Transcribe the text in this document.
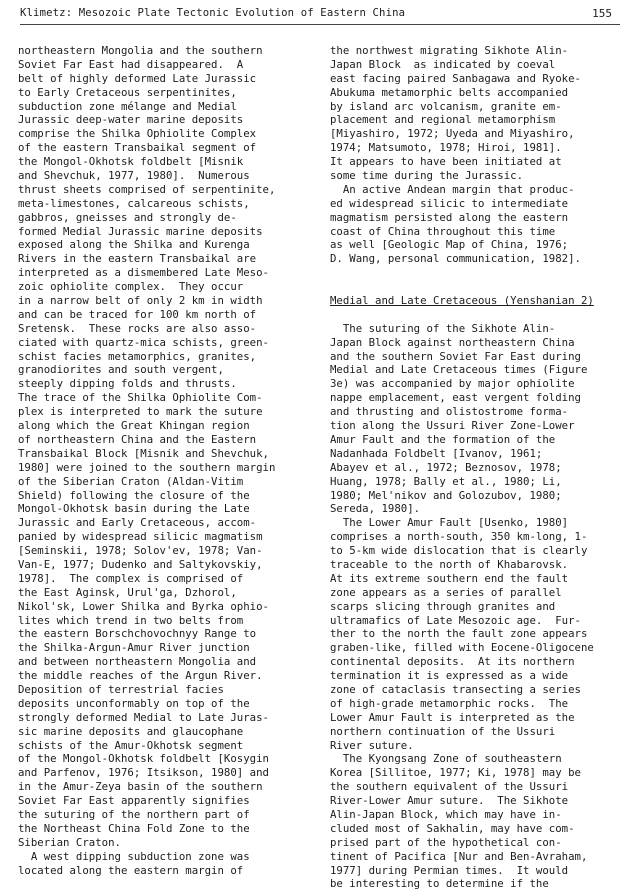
Klimetz: Mesozoic Plate Tectonic Evolution of Eastern China	155
northeastern Mongolia and the southern
Soviet Far East had disappeared.  A
belt of highly deformed Late Jurassic
to Early Cretaceous serpentinites,
subduction zone mélange and Medial
Jurassic deep-water marine deposits
comprise the Shilka Ophiolite Complex
of the eastern Transbaikal segment of
the Mongol-Okhotsk foldbelt [Misnik
and Shevchuk, 1977, 1980].  Numerous
thrust sheets comprised of serpentinite,
meta-limestones, calcareous schists,
gabbros, gneisses and strongly de-
formed Medial Jurassic marine deposits
exposed along the Shilka and Kurenga
Rivers in the eastern Transbaikal are
interpreted as a dismembered Late Meso-
zoic ophiolite complex.  They occur
in a narrow belt of only 2 km in width
and can be traced for 100 km north of
Sretensk.  These rocks are also asso-
ciated with quartz-mica schists, green-
schist facies metamorphics, granites,
granodiorites and south vergent,
steeply dipping folds and thrusts.
The trace of the Shilka Ophiolite Com-
plex is interpreted to mark the suture
along which the Great Khingan region
of northeastern China and the Eastern
Transbaikal Block [Misnik and Shevchuk,
1980] were joined to the southern margin
of the Siberian Craton (Aldan-Vitim
Shield) following the closure of the
Mongol-Okhotsk basin during the Late
Jurassic and Early Cretaceous, accom-
panied by widespread silicic magmatism
[Seminskii, 1978; Solov'ev, 1978; Van-
Van-E, 1977; Dudenko and Saltykovskiy,
1978].  The complex is comprised of
the East Aginsk, Urul'ga, Dzhorol,
Nikol'sk, Lower Shilka and Byrka ophio-
lites which trend in two belts from
the eastern Borschchovochnyy Range to
the Shilka-Argun-Amur River junction
and between northeastern Mongolia and
the middle reaches of the Argun River.
Deposition of terrestrial facies
deposits unconformably on top of the
strongly deformed Medial to Late Juras-
sic marine deposits and glaucophane
schists of the Amur-Okhotsk segment
of the Mongol-Okhotsk foldbelt [Kosygin
and Parfenov, 1976; Itsikson, 1980] and
in the Amur-Zeya basin of the southern
Soviet Far East apparently signifies
the suturing of the northern part of
the Northeast China Fold Zone to the
Siberian Craton.
A west dipping subduction zone was
located along the eastern margin of
the northwest migrating Sikhote Alin-
Japan Block  as indicated by coeval
east facing paired Sanbagawa and Ryoke-
Abukuma metamorphic belts accompanied
by island arc volcanism, granite em-
placement and regional metamorphism
[Miyashiro, 1972; Uyeda and Miyashiro,
1974; Matsumoto, 1978; Hiroi, 1981].
It appears to have been initiated at
some time during the Jurassic.
An active Andean margin that produc-
ed widespread silicic to intermediate
magmatism persisted along the eastern
coast of China throughout this time
as well [Geologic Map of China, 1976;
D. Wang, personal communication, 1982].
Medial and Late Cretaceous (Yenshanian 2)
The suturing of the Sikhote Alin-
Japan Block against northeastern China
and the southern Soviet Far East during
Medial and Late Cretaceous times (Figure
3e) was accompanied by major ophiolite
nappe emplacement, east vergent folding
and thrusting and olistostrome forma-
tion along the Ussuri River Zone-Lower
Amur Fault and the formation of the
Nadanhada Foldbelt [Ivanov, 1961;
Abayev et al., 1972; Beznosov, 1978;
Huang, 1978; Bally et al., 1980; Li,
1980; Mel'nikov and Golozubov, 1980;
Sereda, 1980].
The Lower Amur Fault [Usenko, 1980]
comprises a north-south, 350 km-long, 1-
to 5-km wide dislocation that is clearly
traceable to the north of Khabarovsk.
At its extreme southern end the fault
zone appears as a series of parallel
scarps slicing through granites and
ultramafics of Late Mesozoic age.  Fur-
ther to the north the fault zone appears
graben-like, filled with Eocene-Oligocene
continental deposits.  At its northern
termination it is expressed as a wide
zone of cataclasis transecting a series
of high-grade metamorphic rocks.  The
Lower Amur Fault is interpreted as the
northern continuation of the Ussuri
River suture.
The Kyongsang Zone of southeastern
Korea [Sillitoe, 1977; Ki, 1978] may be
the southern equivalent of the Ussuri
River-Lower Amur suture.  The Sikhote
Alin-Japan Block, which may have in-
cluded most of Sakhalin, may have com-
prised part of the hypothetical con-
tinent of Pacifica [Nur and Ben-Avraham,
1977] during Permian times.  It would
be interesting to determine if the
